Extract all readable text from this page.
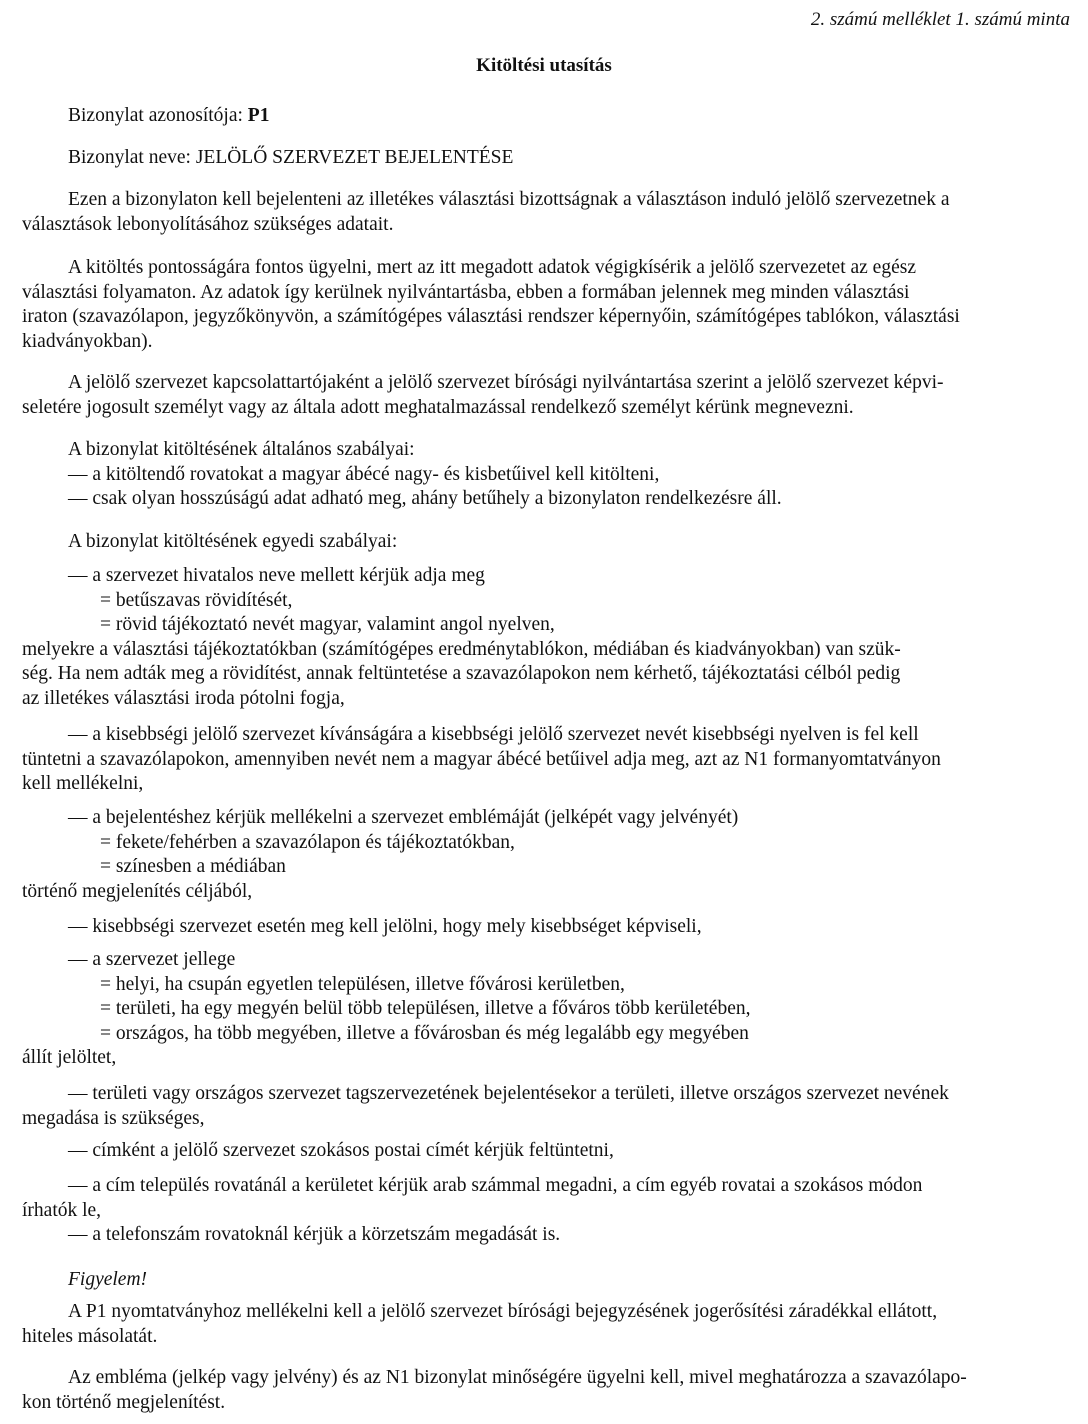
2. számú melléklet 1. számú minta
Kitöltési utasítás
Bizonylat azonosítója: P1
Bizonylat neve: JELÖLŐ SZERVEZET BEJELENTÉSE
Ezen a bizonylaton kell bejelenteni az illetékes választási bizottságnak a választáson induló jelölő szervezetnek a
választások lebonyolításához szükséges adatait.
A kitöltés pontosságára fontos ügyelni, mert az itt megadott adatok végigkísérik a jelölő szervezetet az egész
választási folyamaton. Az adatok így kerülnek nyilvántartásba, ebben a formában jelennek meg minden választási
iraton (szavazólapon, jegyzőkönyvön, a számítógépes választási rendszer képernyőin, számítógépes tablókon, választási
kiadványokban).
A jelölő szervezet kapcsolattartójaként a jelölő szervezet bírósági nyilvántartása szerint a jelölő szervezet képvi-
seletére jogosult személyt vagy az általa adott meghatalmazással rendelkező személyt kérünk megnevezni.
A bizonylat kitöltésének általános szabályai:
— a kitöltendő rovatokat a magyar ábécé nagy- és kisbetűivel kell kitölteni,
— csak olyan hosszúságú adat adható meg, ahány betűhely a bizonylaton rendelkezésre áll.
A bizonylat kitöltésének egyedi szabályai:
— a szervezet hivatalos neve mellett kérjük adja meg
= betűszavas rövidítését,
= rövid tájékoztató nevét magyar, valamint angol nyelven,
melyekre a választási tájékoztatókban (számítógépes eredménytablókon, médiában és kiadványokban) van szük-
ség. Ha nem adták meg a rövidítést, annak feltüntetése a szavazólapokon nem kérhető, tájékoztatási célból pedig
az illetékes választási iroda pótolni fogja,
— a kisebbségi jelölő szervezet kívánságára a kisebbségi jelölő szervezet nevét kisebbségi nyelven is fel kell
tüntetni a szavazólapokon, amennyiben nevét nem a magyar ábécé betűivel adja meg, azt az N1 formanyomtatványon
kell mellékelni,
— a bejelentéshez kérjük mellékelni a szervezet emblémáját (jelképét vagy jelvényét)
= fekete/fehérben a szavazólapon és tájékoztatókban,
= színesben a médiában
történő megjelenítés céljából,
— kisebbségi szervezet esetén meg kell jelölni, hogy mely kisebbséget képviseli,
— a szervezet jellege
= helyi, ha csupán egyetlen településen, illetve fővárosi kerületben,
= területi, ha egy megyén belül több településen, illetve a főváros több kerületében,
= országos, ha több megyében, illetve a fővárosban és még legalább egy megyében
állít jelöltet,
— területi vagy országos szervezet tagszervezetének bejelentésekor a területi, illetve országos szervezet nevének
megadása is szükséges,
— címként a jelölő szervezet szokásos postai címét kérjük feltüntetni,
— a cím település rovatánál a kerületet kérjük arab számmal megadni, a cím egyéb rovatai a szokásos módon
írhatók le,
— a telefonszám rovatoknál kérjük a körzetszám megadását is.
Figyelem!
A P1 nyomtatványhoz mellékelni kell a jelölő szervezet bírósági bejegyzésének jogerősítési záradékkal ellátott,
hiteles másolatát.
Az embléma (jelkép vagy jelvény) és az N1 bizonylat minőségére ügyelni kell, mivel meghatározza a szavazólapo-
kon történő megjelenítést.
